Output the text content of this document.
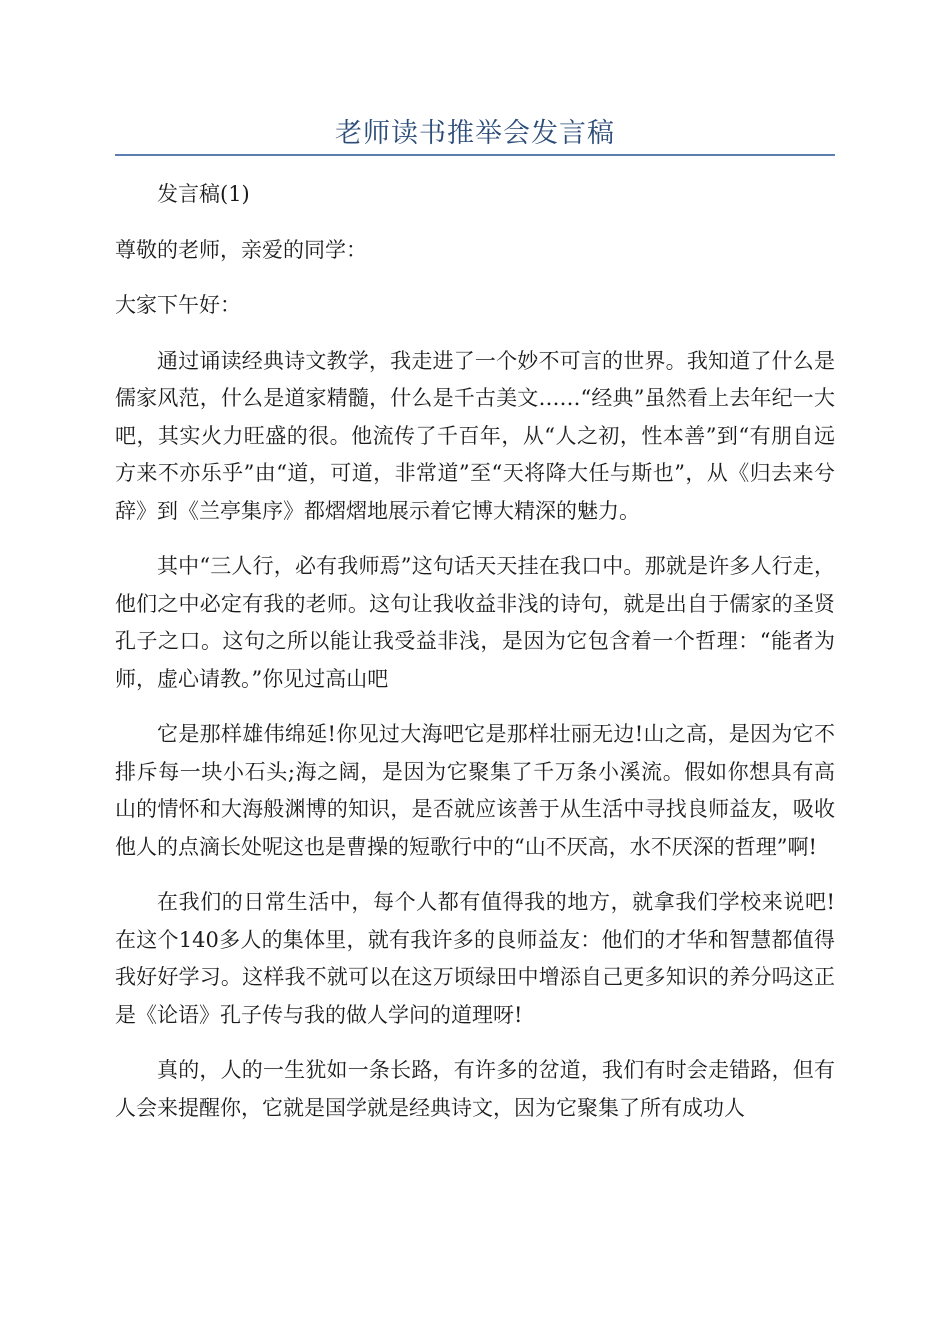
老师读书推举会发言稿

发言稿(1)

尊敬的老师，亲爱的同学：

大家下午好：

通过诵读经典诗文教学，我走进了一个妙不可言的世界。我知道了什么是儒家风范，什么是道家精髓，什么是千古美文……“经典”虽然看上去年纪一大吧，其实火力旺盛的很。他流传了千百年，从“人之初，性本善”到“有朋自远方来不亦乐乎”由“道，可道，非常道”至“天将降大任与斯也”，从《归去来兮辞》到《兰亭集序》都熠熠地展示着它博大精深的魅力。

其中“三人行，必有我师焉”这句话天天挂在我口中。那就是许多人行走，他们之中必定有我的老师。这句让我收益非浅的诗句，就是出自于儒家的圣贤孔子之口。这句之所以能让我受益非浅，是因为它包含着一个哲理：“能者为师，虚心请教。”你见过高山吧

它是那样雄伟绵延!你见过大海吧它是那样壮丽无边!山之高，是因为它不排斥每一块小石头;海之阔，是因为它聚集了千万条小溪流。假如你想具有高山的情怀和大海般渊博的知识，是否就应该善于从生活中寻找良师益友，吸收他人的点滴长处呢这也是曹操的短歌行中的“山不厌高，水不厌深的哲理”啊!

在我们的日常生活中，每个人都有值得我的地方，就拿我们学校来说吧!在这个140多人的集体里，就有我许多的良师益友：他们的才华和智慧都值得我好好学习。这样我不就可以在这万顷绿田中增添自己更多知识的养分吗这正是《论语》孔子传与我的做人学问的道理呀!

真的，人的一生犹如一条长路，有许多的岔道，我们有时会走错路，但有人会来提醒你，它就是国学就是经典诗文，因为它聚集了所有成功人
